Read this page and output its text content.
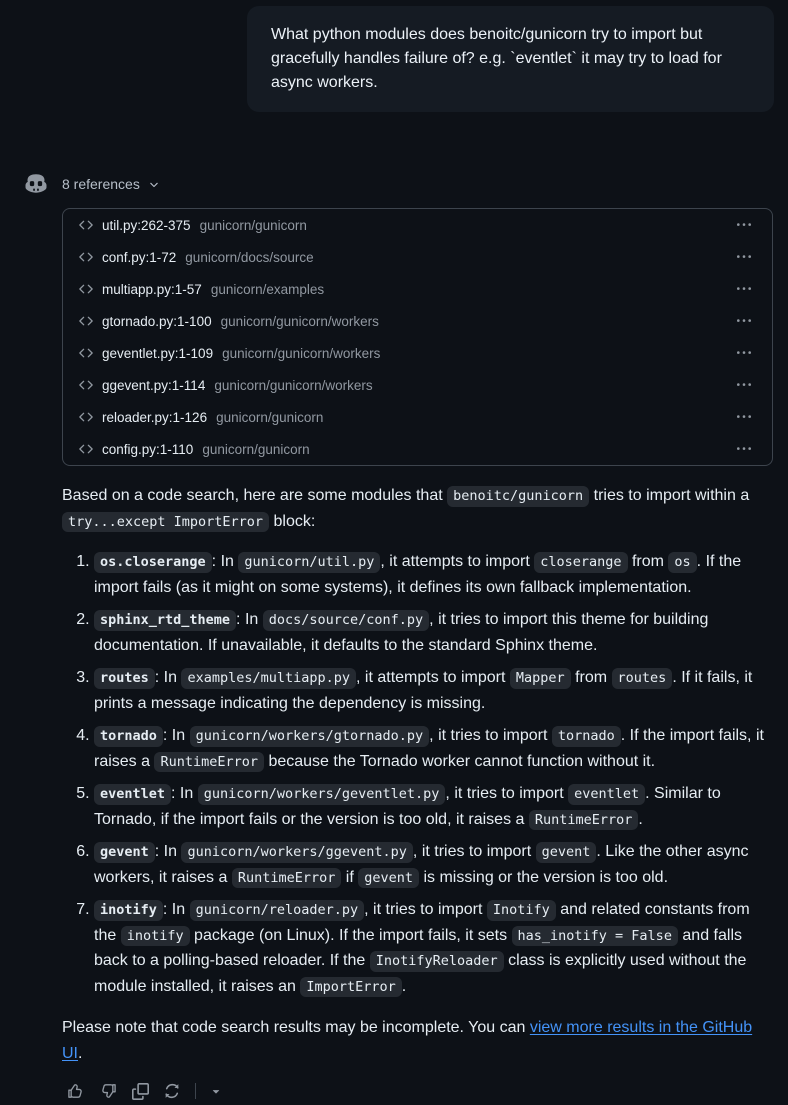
What python modules does benoitc/gunicorn try to import but gracefully handles failure of? e.g. `eventlet` it may try to load for async workers.
8 references
util.py:262-375 gunicorn/gunicorn
conf.py:1-72 gunicorn/docs/source
multiapp.py:1-57 gunicorn/examples
gtornado.py:1-100 gunicorn/gunicorn/workers
geventlet.py:1-109 gunicorn/gunicorn/workers
ggevent.py:1-114 gunicorn/gunicorn/workers
reloader.py:1-126 gunicorn/gunicorn
config.py:1-110 gunicorn/gunicorn

Based on a code search, here are some modules that benoitc/gunicorn tries to import within a try...except ImportError block:

1. os.closerange : In gunicorn/util.py , it attempts to import closerange from os . If the import fails (as it might on some systems), it defines its own fallback implementation.
2. sphinx_rtd_theme : In docs/source/conf.py , it tries to import this theme for building documentation. If unavailable, it defaults to the standard Sphinx theme.
3. routes : In examples/multiapp.py , it attempts to import Mapper from routes . If it fails, it prints a message indicating the dependency is missing.
4. tornado : In gunicorn/workers/gtornado.py , it tries to import tornado . If the import fails, it raises a RuntimeError because the Tornado worker cannot function without it.
5. eventlet : In gunicorn/workers/geventlet.py , it tries to import eventlet . Similar to Tornado, if the import fails or the version is too old, it raises a RuntimeError .
6. gevent : In gunicorn/workers/ggevent.py , it tries to import gevent . Like the other async workers, it raises a RuntimeError if gevent is missing or the version is too old.
7. inotify : In gunicorn/reloader.py , it tries to import Inotify and related constants from the inotify package (on Linux). If the import fails, it sets has_inotify = False and falls back to a polling-based reloader. If the InotifyReloader class is explicitly used without the module installed, it raises an ImportError .

Please note that code search results may be incomplete. You can view more results in the GitHub UI.
